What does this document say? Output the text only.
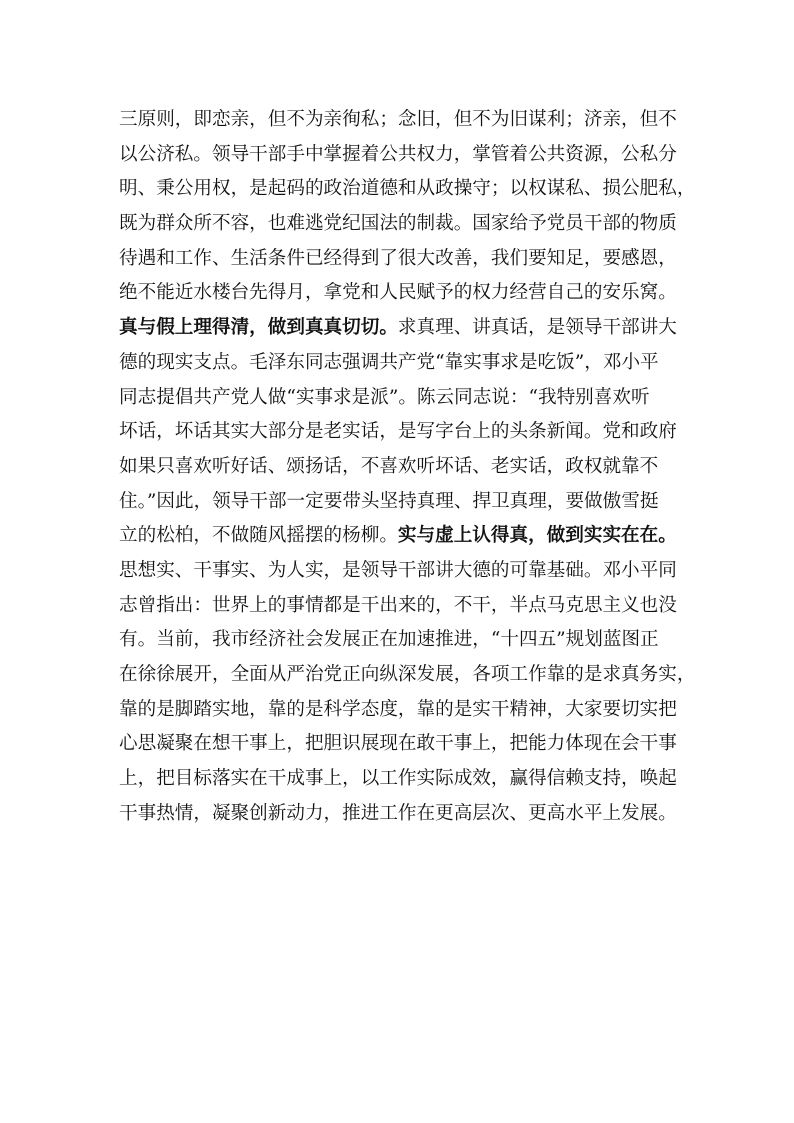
三原则，即恋亲，但不为亲徇私；念旧，但不为旧谋利；济亲，但不
以公济私。领导干部手中掌握着公共权力，掌管着公共资源，公私分
明、秉公用权，是起码的政治道德和从政操守；以权谋私、损公肥私，
既为群众所不容，也难逃党纪国法的制裁。国家给予党员干部的物质
待遇和工作、生活条件已经得到了很大改善，我们要知足，要感恩，
绝不能近水楼台先得月，拿党和人民赋予的权力经营自己的安乐窝。
真与假上理得清，做到真真切切。求真理、讲真话，是领导干部讲大
德的现实支点。毛泽东同志强调共产党“靠实事求是吃饭”，邓小平
同志提倡共产党人做“实事求是派”。陈云同志说：“我特别喜欢听
坏话，坏话其实大部分是老实话，是写字台上的头条新闻。党和政府
如果只喜欢听好话、颂扬话，不喜欢听坏话、老实话，政权就靠不
住。”因此，领导干部一定要带头坚持真理、捍卫真理，要做傲雪挺
立的松柏，不做随风摇摆的杨柳。实与虚上认得真，做到实实在在。
思想实、干事实、为人实，是领导干部讲大德的可靠基础。邓小平同
志曾指出：世界上的事情都是干出来的，不干，半点马克思主义也没
有。当前，我市经济社会发展正在加速推进，“十四五”规划蓝图正
在徐徐展开，全面从严治党正向纵深发展，各项工作靠的是求真务实，
靠的是脚踏实地，靠的是科学态度，靠的是实干精神，大家要切实把
心思凝聚在想干事上，把胆识展现在敢干事上，把能力体现在会干事
上，把目标落实在干成事上，以工作实际成效，赢得信赖支持，唤起
干事热情，凝聚创新动力，推进工作在更高层次、更高水平上发展。
